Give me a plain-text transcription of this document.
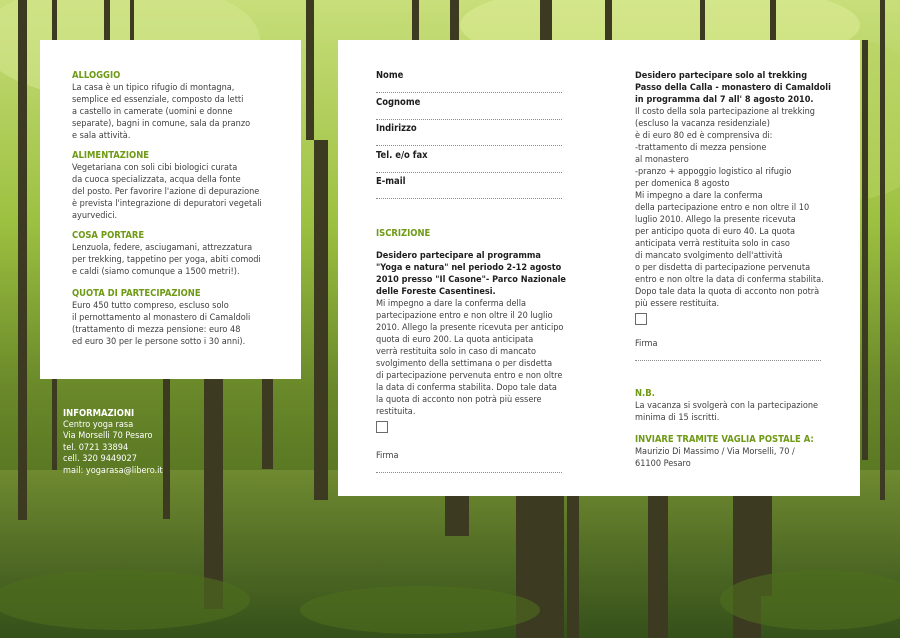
ALLOGGIO
La casa è un tipico rifugio di montagna,
semplice ed essenziale, composto da letti
a castello in camerate (uomini e donne
separate), bagni in comune, sala da pranzo
e sala attività.
ALIMENTAZIONE
Vegetariana con soli cibi biologici curata
da cuoca specializzata, acqua della fonte
del posto. Per favorire l'azione di depurazione
è prevista l'integrazione di depuratori vegetali
ayurvedici.
COSA PORTARE
Lenzuola, federe, asciugamani, attrezzatura
per trekking, tappetino per yoga, abiti comodi
e caldi (siamo comunque a 1500 metri!).
QUOTA DI PARTECIPAZIONE
Euro 450 tutto compreso, escluso solo
il pernottamento al monastero di Camaldoli
(trattamento di mezza pensione: euro 48
ed euro 30 per le persone sotto i 30 anni).
INFORMAZIONI
Centro yoga rasa
Via Morselli 70 Pesaro
tel. 0721 33894
cell. 320 9449027
mail: yogarasa@libero.it
Nome
Cognome
Indirizzo
Tel. e/o fax
E-mail
ISCRIZIONE
Desidero partecipare al programma
"Yoga e natura" nel periodo 2-12 agosto
2010 presso "Il Casone"- Parco Nazionale
delle Foreste Casentinesi.
Mi impegno a dare la conferma della
partecipazione entro e non oltre il 20 luglio
2010. Allego la presente ricevuta per anticipo
quota di euro 200. La quota anticipata
verrà restituita solo in caso di mancato
svolgimento della settimana o per disdetta
di partecipazione pervenuta entro e non oltre
la data di conferma stabilita. Dopo tale data
la quota di acconto non potrà più essere
restituita.
Firma
Desidero partecipare solo al trekking
Passo della Calla - monastero di Camaldoli
in programma dal 7 all' 8 agosto 2010.
Il costo della sola partecipazione al trekking
(escluso la vacanza residenziale)
è di euro 80 ed è comprensiva di:
-trattamento di mezza pensione
al monastero
-pranzo + appoggio logistico al rifugio
per domenica 8 agosto
Mi impegno a dare la conferma
della partecipazione entro e non oltre il 10
luglio 2010. Allego la presente ricevuta
per anticipo quota di euro 40. La quota
anticipata verrà restituita solo in caso
di mancato svolgimento dell'attività
o per disdetta di partecipazione pervenuta
entro e non oltre la data di conferma stabilita.
Dopo tale data la quota di acconto non potrà
più essere restituita.
Firma
N.B.
La vacanza si svolgerà con la partecipazione
minima di 15 iscritti.
INVIARE TRAMITE VAGLIA POSTALE A:
Maurizio Di Massimo / Via Morselli, 70 /
61100 Pesaro
